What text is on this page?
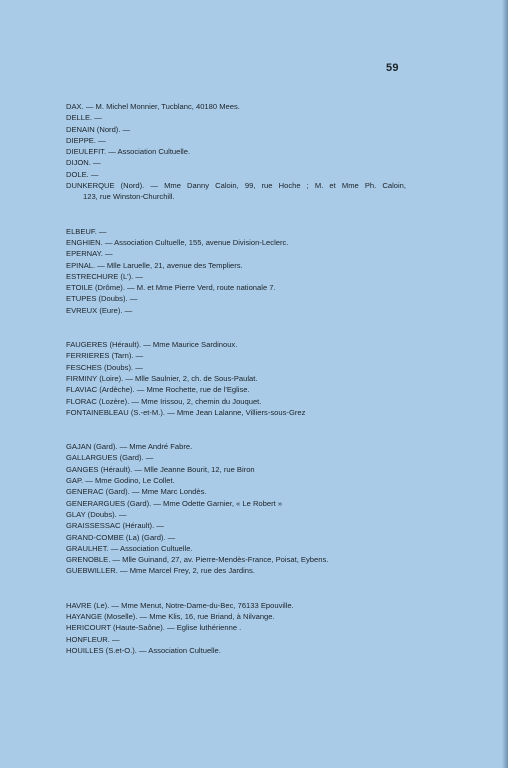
59
DAX. — M. Michel Monnier, Tucblanc, 40180 Mees.
DELLE. —
DENAIN (Nord). —
DIEPPE. —
DIEULEFIT. — Association Cultuelle.
DIJON. —
DOLE. —
DUNKERQUE (Nord). — Mme Danny Caloin, 99, rue Hoche ; M. et Mme Ph. Caloin,
123, rue Winston-Churchill.
ELBEUF. —
ENGHIEN. — Association Cultuelle, 155, avenue Division-Leclerc.
EPERNAY. —
EPINAL. — Mlle Laruelle, 21, avenue des Templiers.
ESTRECHURE (L'). —
ETOILE (Drôme). — M. et Mme Pierre Verd, route nationale 7.
ETUPES (Doubs). —
EVREUX (Eure). —
FAUGERES (Hérault). — Mme Maurice Sardinoux.
FERRIERES (Tarn). —
FESCHES (Doubs). —
FIRMINY (Loire). — Mlle Saulnier, 2, ch. de Sous-Paulat.
FLAVIAC (Ardèche). — Mme Rochette, rue de l'Eglise.
FLORAC (Lozère). — Mme Irissou, 2, chemin du Jouquet.
FONTAINEBLEAU (S.-et-M.). — Mme Jean Lalanne, Villiers-sous-Grez
GAJAN (Gard). — Mme André Fabre.
GALLARGUES (Gard). —
GANGES (Hérault). — Mlle Jeanne Bourit, 12, rue Biron
GAP. — Mme Godino, Le Collet.
GENERAC (Gard). — Mme Marc Londès.
GENERARGUES (Gard). — Mme Odette Garnier, « Le Robert »
GLAY (Doubs). —
GRAISSESSAC (Hérault). —
GRAND-COMBE (La) (Gard). —
GRAULHET. — Association Cultuelle.
GRENOBLE. — Mlle Guinand, 27, av. Pierre-Mendès-France, Poisat, Eybens.
GUEBWILLER. — Mme Marcel Frey, 2, rue des Jardins.
HAVRE (Le). — Mme Menut, Notre-Dame-du-Bec, 76133 Epouville.
HAYANGE (Moselle). — Mme Klis, 16, rue Briand, à Nilvange.
HERICOURT (Haute-Saône). — Eglise luthérienne .
HONFLEUR. —
HOUILLES (S.et-O.). — Association Cultuelle.
